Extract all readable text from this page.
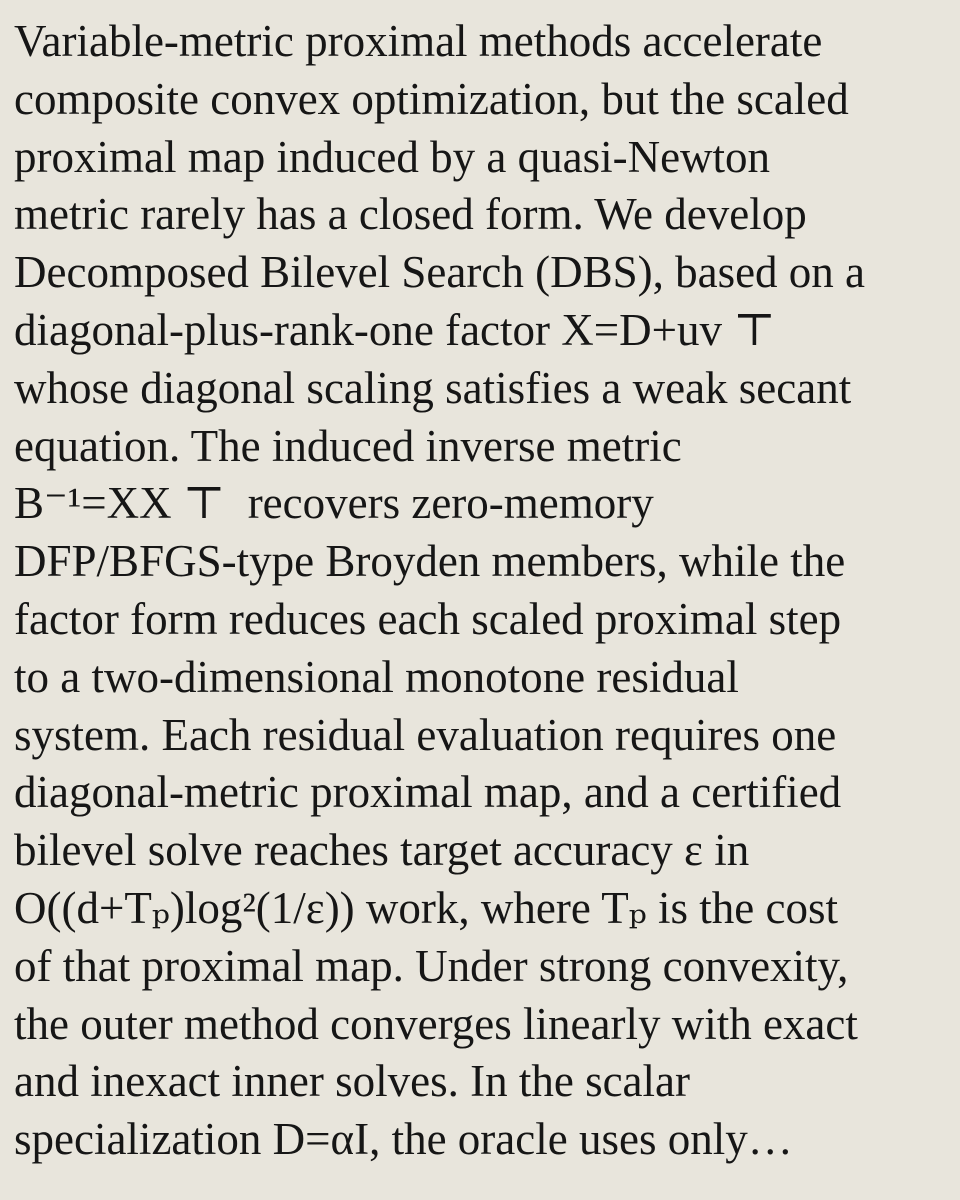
Variable-metric proximal methods accelerate
composite convex optimization, but the scaled
proximal map induced by a quasi-Newton
metric rarely has a closed form. We develop
Decomposed Bilevel Search (DBS), based on a
diagonal-plus-rank-one factor X=D+uv ⊤
whose diagonal scaling satisfies a weak secant
equation. The induced inverse metric
B⁻¹=XX ⊤  recovers zero-memory
DFP/BFGS-type Broyden members, while the
factor form reduces each scaled proximal step
to a two-dimensional monotone residual
system. Each residual evaluation requires one
diagonal-metric proximal map, and a certified
bilevel solve reaches target accuracy ε in
O((d+Tₚ)log²(1/ε)) work, where Tₚ is the cost
of that proximal map. Under strong convexity,
the outer method converges linearly with exact
and inexact inner solves. In the scalar
specialization D=αI, the oracle uses only…
